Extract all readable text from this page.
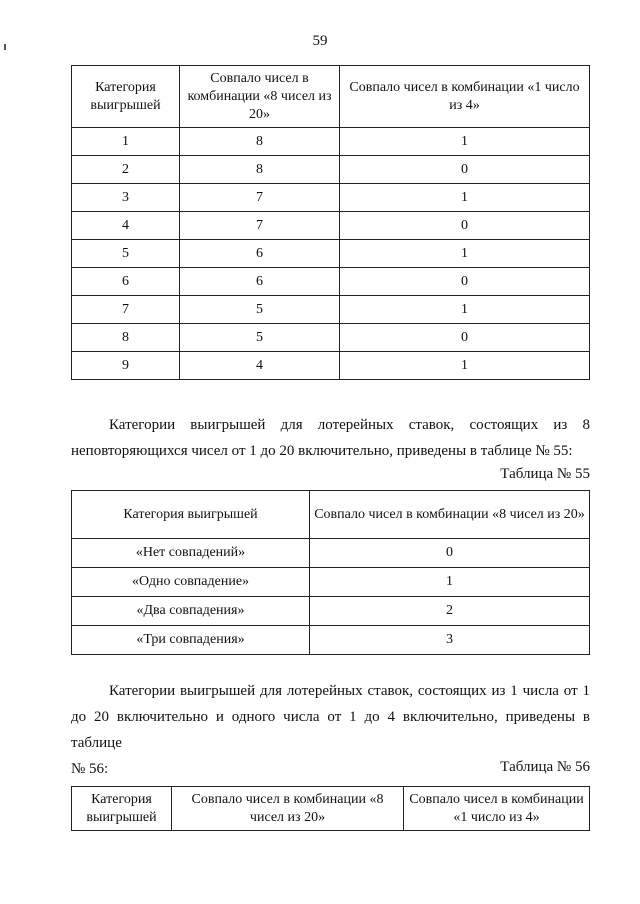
59
Категория выигрышей	Совпало чисел в комбинации «8 чисел из 20»	Совпало чисел в комбинации «1 число из 4»
1	8	1
2	8	0
3	7	1
4	7	0
5	6	1
6	6	0
7	5	1
8	5	0
9	4	1
Категории выигрышей для лотерейных ставок, состоящих из 8
неповторяющихся чисел от 1 до 20 включительно, приведены в таблице № 55:
Таблица № 55
Категория выигрышей	Совпало чисел в комбинации «8 чисел из 20»
«Нет совпадений»	0
«Одно совпадение»	1
«Два совпадения»	2
«Три совпадения»	3
Категории выигрышей для лотерейных ставок, состоящих из 1 числа от 1
до 20 включительно и одного числа от 1 до 4 включительно, приведены в таблице
№ 56:	Таблица № 56
Категория выигрышей	Совпало чисел в комбинации «8 чисел из 20»	Совпало чисел в комбинации «1 число из 4»
